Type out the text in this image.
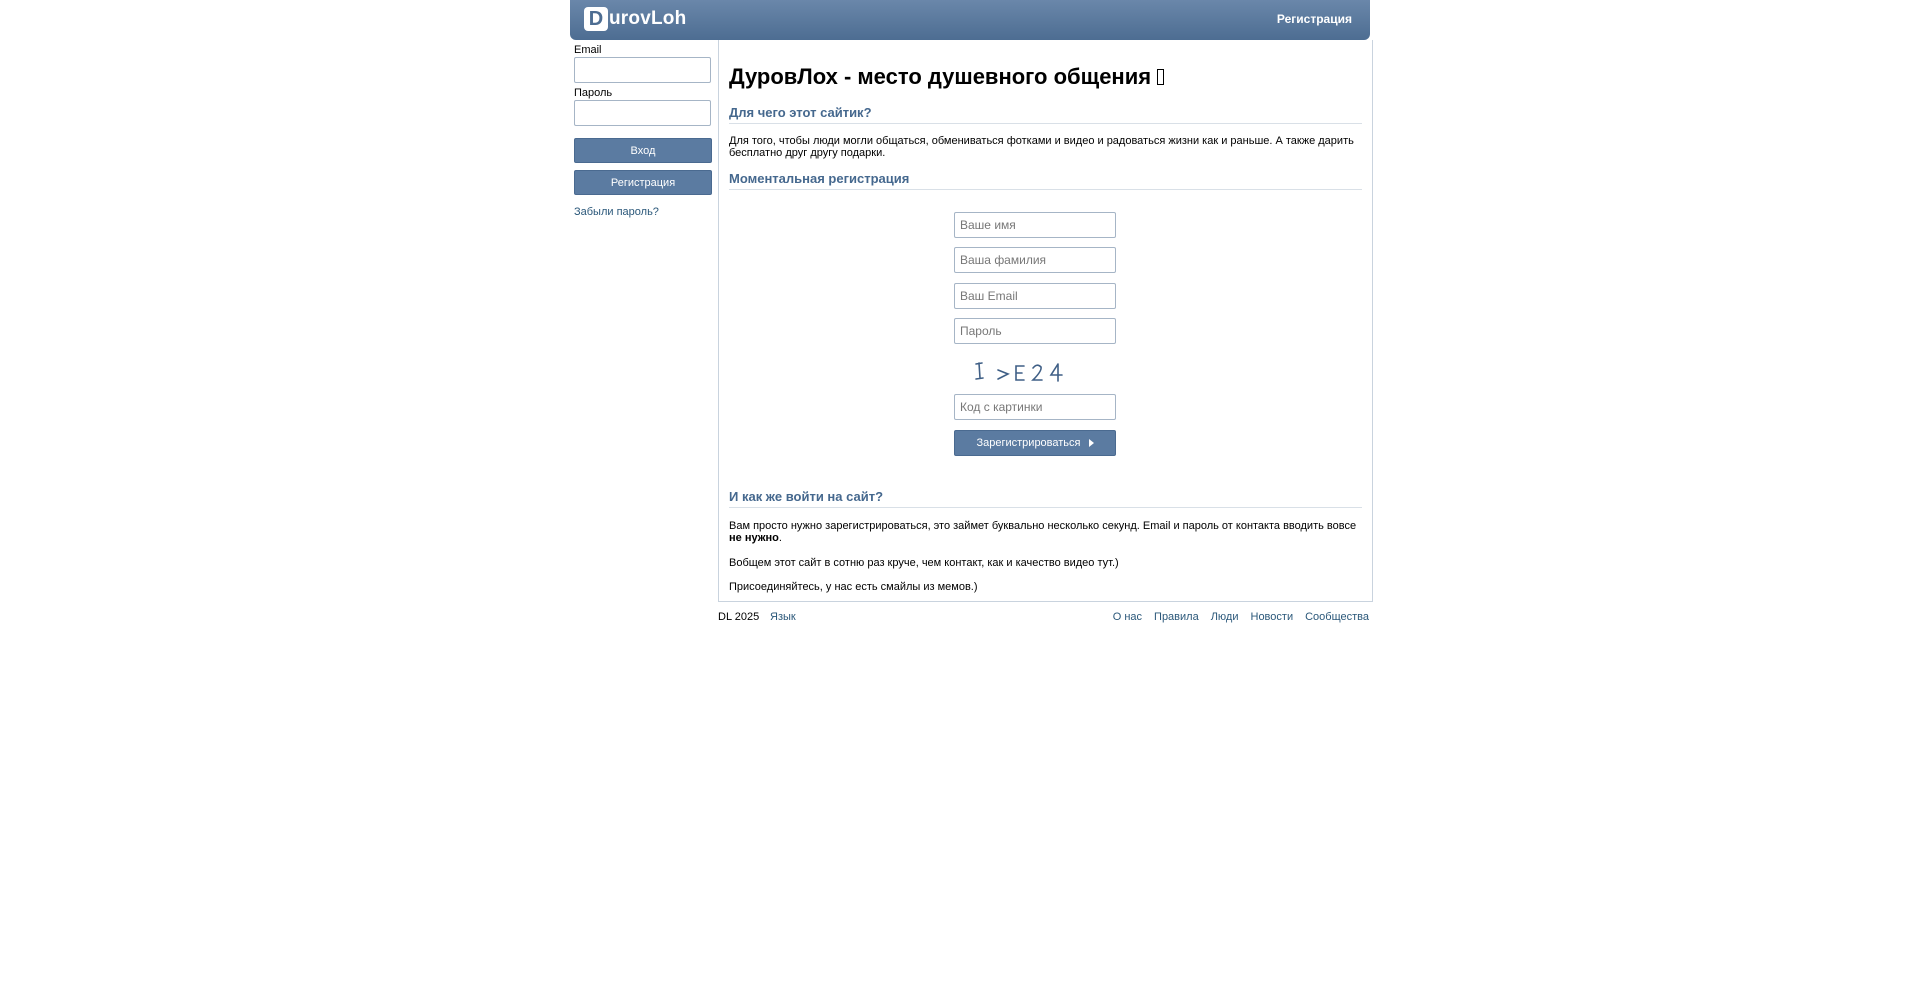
D urovLoh	Регистрация
Email
Пароль
Вход
Регистрация
Забыли пароль?
ДуровЛох - место душевного общения
Для чего этот сайтик?

Для того, чтобы люди могли общаться, обмениваться фотками и видео и радоваться жизни как и раньше. А также дарить бесплатно друг другу подарки.

Моментальная регистрация
Ваше имя
Ваша фамилия
Ваш Email
Код с картинки
Зарегистрироваться
И как же войти на сайт?

Вам просто нужно зарегистрироваться, это займет буквально несколько секунд. Email и пароль от контакта вводить вовсе не нужно.

Вобщем этот сайт в сотню раз круче, чем контакт, как и качество видео тут.)

Присоединяйтесь, у нас есть смайлы из мемов.)

DL 2025 Язык	О нас Правила Люди Новости Сообщества
